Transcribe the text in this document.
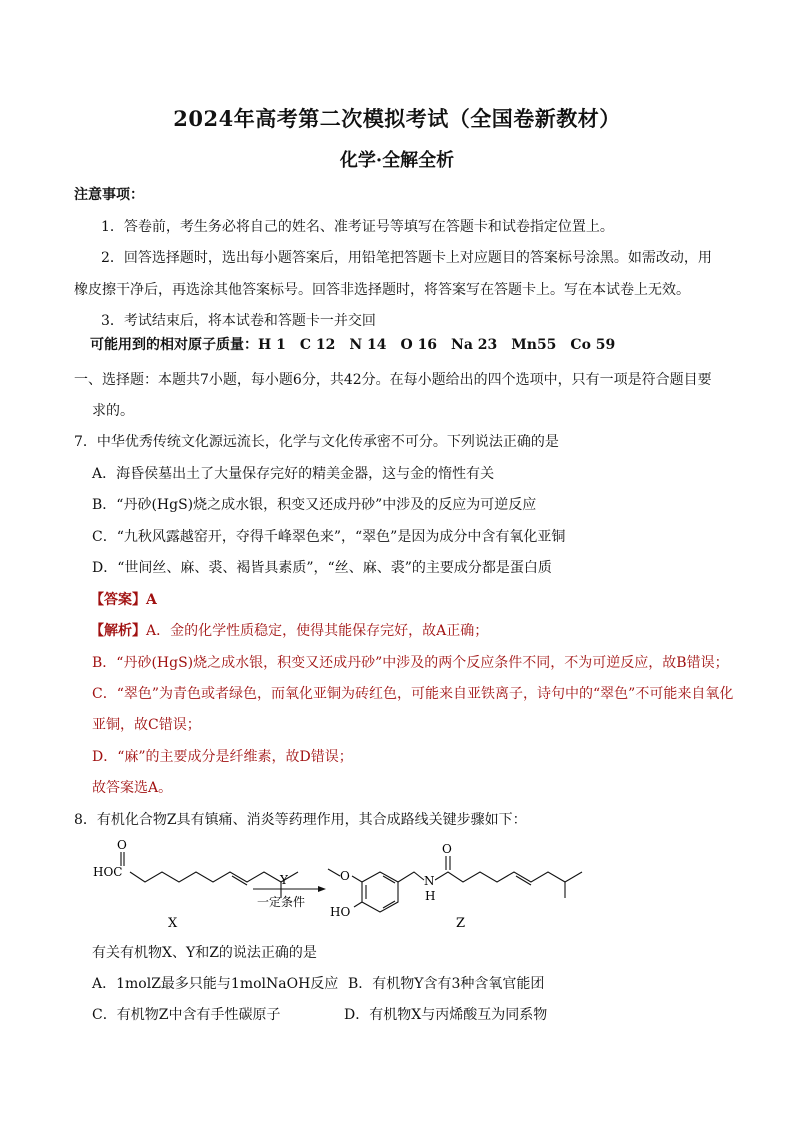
2024年高考第二次模拟考试（全国卷新教材）
化学·全解全析
注意事项：
1．答卷前，考生务必将自己的姓名、准考证号等填写在答题卡和试卷指定位置上。
2．回答选择题时，选出每小题答案后，用铅笔把答题卡上对应题目的答案标号涂黑。如需改动，用
橡皮擦干净后，再选涂其他答案标号。回答非选择题时，将答案写在答题卡上。写在本试卷上无效。
3．考试结束后，将本试卷和答题卡一并交回
可能用到的相对原子质量：H 1　C 12　N 14　O 16　Na 23　Mn55　Co 59
一、选择题：本题共7小题，每小题6分，共42分。在每小题给出的四个选项中，只有一项是符合题目要
求的。
7．中华优秀传统文化源远流长，化学与文化传承密不可分。下列说法正确的是
A．海昏侯墓出土了大量保存完好的精美金器，这与金的惰性有关
B．“丹砂(HgS)烧之成水银，积变又还成丹砂”中涉及的反应为可逆反应
C．“九秋风露越窑开，夺得千峰翠色来”，“翠色”是因为成分中含有氧化亚铜
D．“世间丝、麻、裘、褐皆具素质”，“丝、麻、裘”的主要成分都是蛋白质
【答案】A
【解析】A．金的化学性质稳定，使得其能保存完好，故A正确；
B．“丹砂(HgS)烧之成水银，积变又还成丹砂”中涉及的两个反应条件不同，不为可逆反应，故B错误；
C．“翠色”为青色或者绿色，而氧化亚铜为砖红色，可能来自亚铁离子，诗句中的“翠色”不可能来自氧化
亚铜，故C错误；
D．“麻”的主要成分是纤维素，故D错误；
故答案选A。
8．有机化合物Z具有镇痛、消炎等药理作用，其合成路线关键步骤如下：
O
HOC
X
Y
一定条件
O
HO
N
H
O
Z
有关有机物X、Y和Z的说法正确的是
A．1molZ最多只能与1molNaOH反应 B．有机物Y含有3种含氧官能团
C．有机物Z中含有手性碳原子	D．有机物X与丙烯酸互为同系物
